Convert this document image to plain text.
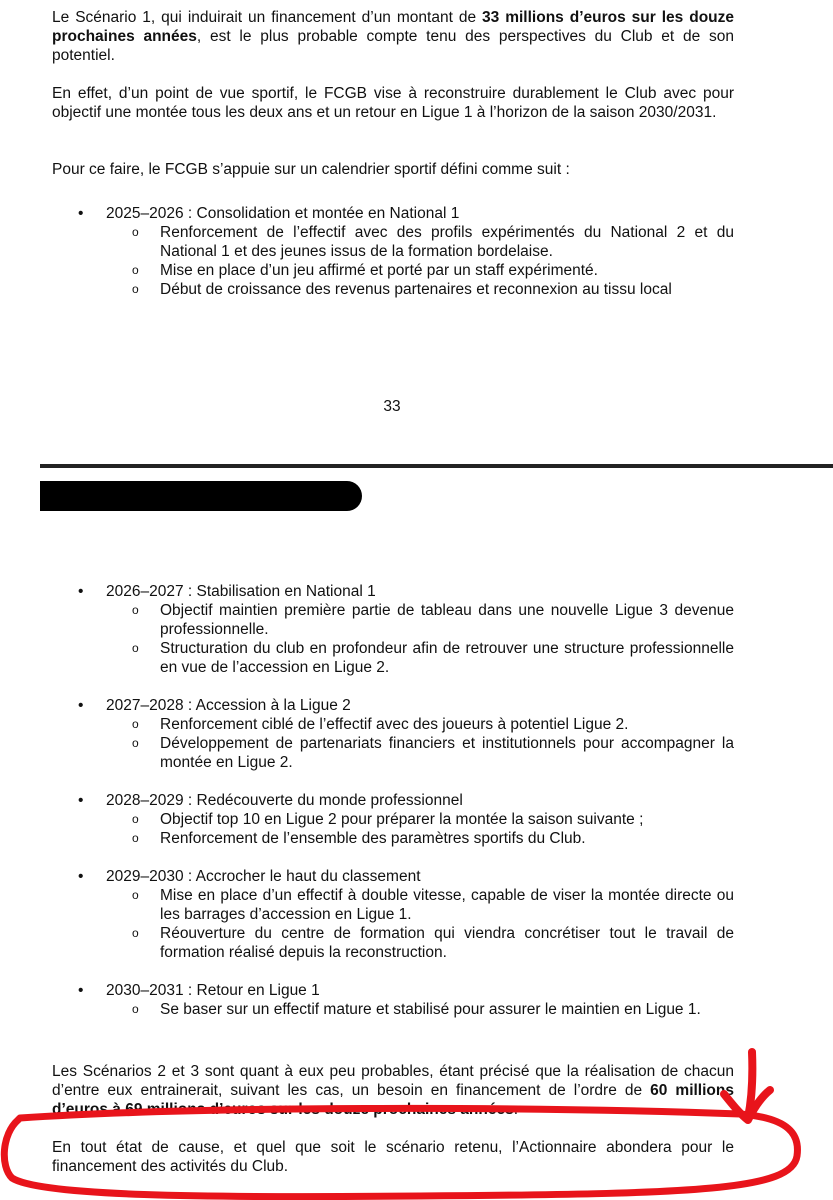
Le Scénario 1, qui induirait un financement d’un montant de 33 millions d’euros sur les douze prochaines années, est le plus probable compte tenu des perspectives du Club et de son potentiel.

En effet, d’un point de vue sportif, le FCGB vise à reconstruire durablement le Club avec pour objectif une montée tous les deux ans et un retour en Ligue 1 à l’horizon de la saison 2030/2031.

Pour ce faire, le FCGB s’appuie sur un calendrier sportif défini comme suit :

• 2025–2026 : Consolidation et montée en National 1
o Renforcement de l’effectif avec des profils expérimentés du National 2 et du National 1 et des jeunes issus de la formation bordelaise.
o Mise en place d’un jeu affirmé et porté par un staff expérimenté.
o Début de croissance des revenus partenaires et reconnexion au tissu local
33
• 2026–2027 : Stabilisation en National 1
o Objectif maintien première partie de tableau dans une nouvelle Ligue 3 devenue professionnelle.
o Structuration du club en profondeur afin de retrouver une structure professionnelle en vue de l’accession en Ligue 2.
• 2027–2028 : Accession à la Ligue 2
o Renforcement ciblé de l’effectif avec des joueurs à potentiel Ligue 2.
o Développement de partenariats financiers et institutionnels pour accompagner la montée en Ligue 2.
• 2028–2029 : Redécouverte du monde professionnel
o Objectif top 10 en Ligue 2 pour préparer la montée la saison suivante ;
o Renforcement de l’ensemble des paramètres sportifs du Club.
• 2029–2030 : Accrocher le haut du classement
o Mise en place d’un effectif à double vitesse, capable de viser la montée directe ou les barrages d’accession en Ligue 1.
o Réouverture du centre de formation qui viendra concrétiser tout le travail de formation réalisé depuis la reconstruction.
• 2030–2031 : Retour en Ligue 1
o Se baser sur un effectif mature et stabilisé pour assurer le maintien en Ligue 1.

Les Scénarios 2 et 3 sont quant à eux peu probables, étant précisé que la réalisation de chacun d’entre eux entrainerait, suivant les cas, un besoin en financement de l’ordre de 60 millions d’euros à 69 millions d’euros sur les douze prochaines années.

En tout état de cause, et quel que soit le scénario retenu, l’Actionnaire abondera pour le financement des activités du Club.
